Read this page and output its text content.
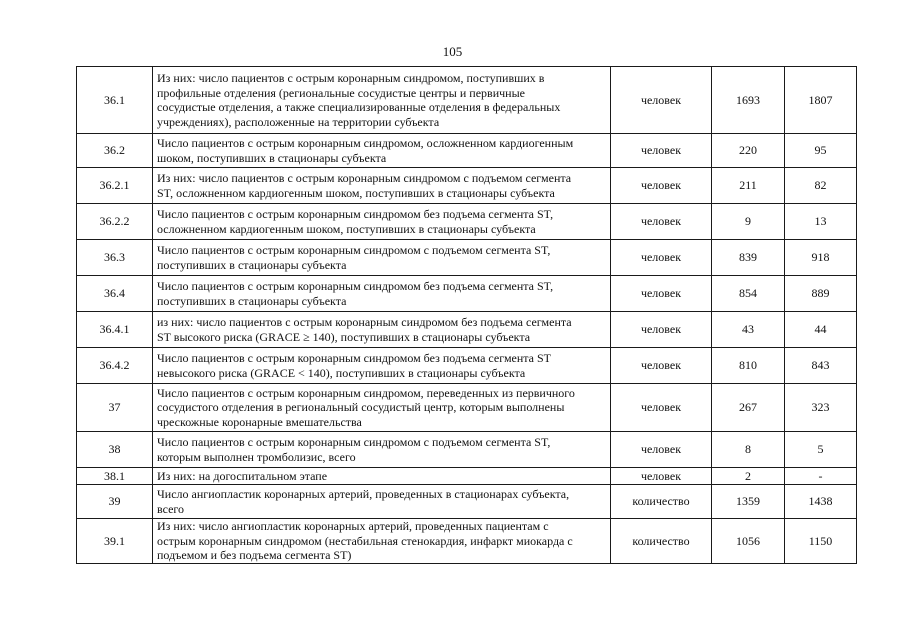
105
36.1	Из них: число пациентов с острым коронарным синдромом, поступивших в
профильные отделения (региональные сосудистые центры и первичные
сосудистые отделения, а также специализированные отделения в федеральных
учреждениях), расположенные на территории субъекта	человек	1693	1807
36.2	Число пациентов с острым коронарным синдромом, осложненном кардиогенным
шоком, поступивших в стационары субъекта	человек	220	95
36.2.1	Из них: число пациентов с острым коронарным синдромом с подъемом сегмента
ST, осложненном кардиогенным шоком, поступивших в стационары субъекта	человек	211	82
36.2.2	Число пациентов с острым коронарным синдромом без подъема сегмента ST,
осложненном кардиогенным шоком, поступивших в стационары субъекта	человек	9	13
36.3	Число пациентов с острым коронарным синдромом с подъемом сегмента ST,
поступивших в стационары субъекта	человек	839	918
36.4	Число пациентов с острым коронарным синдромом без подъема сегмента ST,
поступивших в стационары субъекта	человек	854	889
36.4.1	из них: число пациентов с острым коронарным синдромом без подъема сегмента
ST высокого риска (GRACE ≥ 140), поступивших в стационары субъекта	человек	43	44
36.4.2	Число пациентов с острым коронарным синдромом без подъема сегмента ST
невысокого риска (GRACE < 140), поступивших в стационары субъекта	человек	810	843
37	Число пациентов с острым коронарным синдромом, переведенных из первичного
сосудистого отделения в региональный сосудистый центр, которым выполнены
чрескожные коронарные вмешательства	человек	267	323
38	Число пациентов с острым коронарным синдромом с подъемом сегмента ST,
которым выполнен тромболизис, всего	человек	8	5
38.1	Из них: на догоспитальном этапе	человек	2	-
39	Число ангиопластик коронарных артерий, проведенных в стационарах субъекта,
всего	количество	1359	1438
39.1	Из них: число ангиопластик коронарных артерий, проведенных пациентам с
острым коронарным синдромом (нестабильная стенокардия, инфаркт миокарда с
подъемом и без подъема сегмента ST)	количество	1056	1150
